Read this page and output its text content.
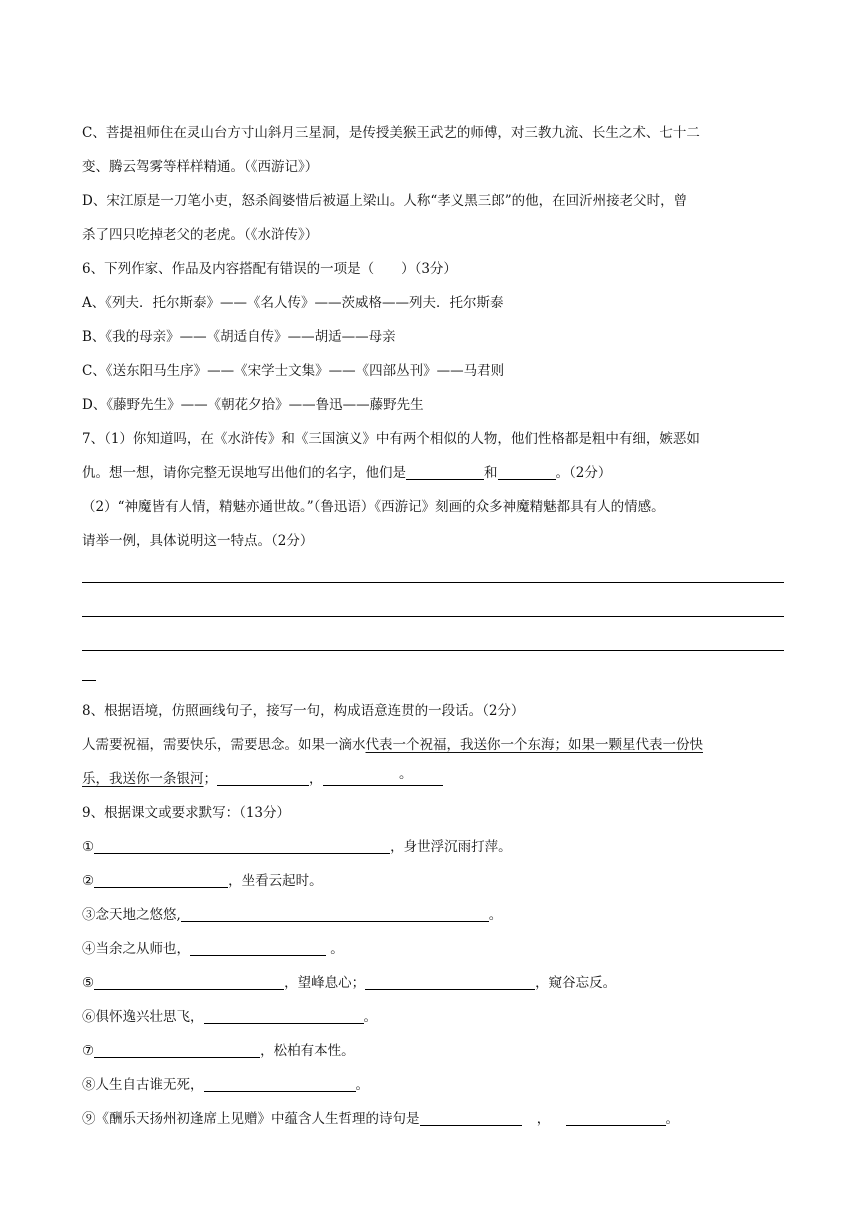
C、菩提祖师住在灵山台方寸山斜月三星洞，是传授美猴王武艺的师傅，对三教九流、长生之术、七十二
变、腾云驾雾等样样精通。（《西游记》）
D、宋江原是一刀笔小吏，怒杀阎婆惜后被逼上梁山。人称“孝义黑三郎”的他，在回沂州接老父时，曾
杀了四只吃掉老父的老虎。（《水浒传》）
6、下列作家、作品及内容搭配有错误的一项是（　　）（3分）
A、《列夫．托尔斯泰》——《名人传》——茨威格——列夫．托尔斯泰
B、《我的母亲》——《胡适自传》——胡适——母亲
C、《送东阳马生序》——《宋学士文集》——《四部丛刊》——马君则
D、《藤野先生》——《朝花夕拾》——鲁迅——藤野先生
7、（1）你知道吗，在《水浒传》和《三国演义》中有两个相似的人物，他们性格都是粗中有细，嫉恶如
仇。想一想，请你完整无误地写出他们的名字，他们是	和	。（2分）
（2）“神魔皆有人情，精魅亦通世故。”（鲁迅语）《西游记》刻画的众多神魔精魅都具有人的情感。
请举一例，具体说明这一特点。（2分）
8、根据语境，仿照画线句子，接写一句，构成语意连贯的一段话。（2分）
人需要祝福，需要快乐，需要思念。如果一滴水代表一个祝福，我送你一个东海；如果一颗星代表一份快
乐，我送你一条银河；	，	。
9、根据课文或要求默写：（13分）
①	，身世浮沉雨打萍。
②	，坐看云起时。
③念天地之悠悠,	。
④当余之从师也，	。
⑤	，望峰息心；	，窥谷忘反。
⑥俱怀逸兴壮思飞，	。
⑦	，松柏有本性。
⑧人生自古谁无死，	。
⑨《酬乐天扬州初逢席上见赠》中蕴含人生哲理的诗句是	，	。
